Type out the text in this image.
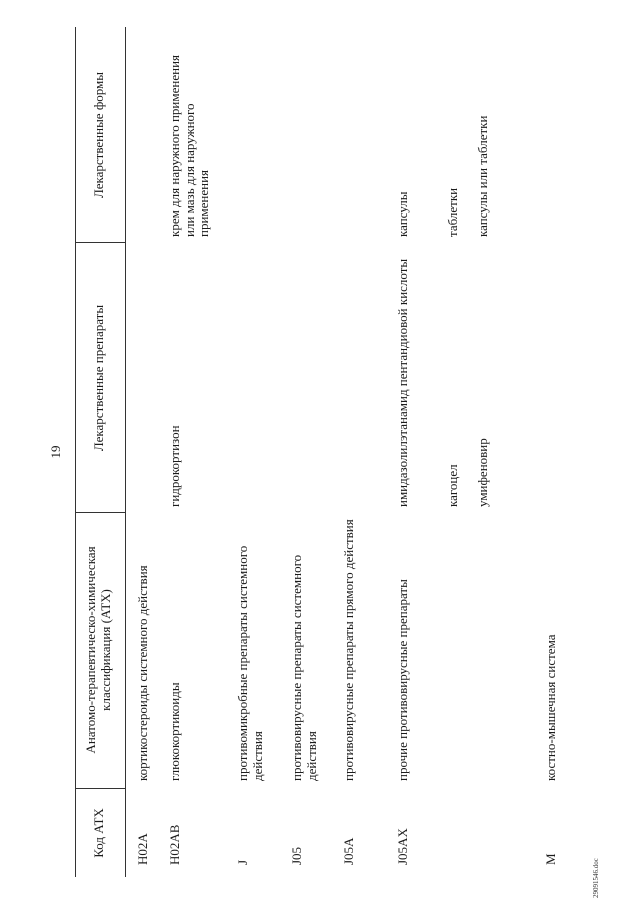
19
Код АТХ
Анатомо-терапевтическо-химическая классификация (АТХ)
Лекарственные препараты
Лекарственные формы
H02A
кортикостероиды системного действия
H02AB
глюкокортикоиды
гидрокортизон
крем для наружного применения или мазь для наружного применения
J
противомикробные препараты системного действия
J05
противовирусные препараты системного действия
J05A
противовирусные препараты прямого действия
J05AX
прочие противовирусные препараты
имидазолилэтанамид пентандиовой кислоты
капсулы
кагоцел
таблетки
умифеновир
капсулы или таблетки
M
костно-мышечная система
29091546.doc
